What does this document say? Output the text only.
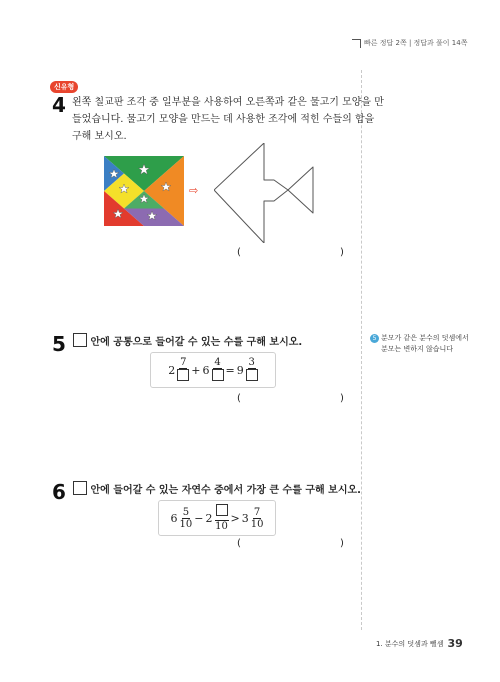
빠른 정답 2쪽 | 정답과 풀이 14쪽
신유형
4 왼쪽 칠교판 조각 중 일부분을 사용하여 오른쪽과 같은 물고기 모양을 만
들었습니다. 물고기 모양을 만드는 데 사용한 조각에 적힌 수들의 합을
구해 보시오.
⇨
(	)
5	안에 공통으로 들어갈 수 있는 수를 구해 보시오.
2
7
+ 6
4
= 9
3
(	)
5 분모가 같은 분수의 덧셈에서
분모는 변하지 않습니다
6	안에 들어갈 수 있는 자연수 중에서 가장 큰 수를 구해 보시오.
$6 \frac{5}{10} - 2$
10
> $3 \frac{7}{10}$
(	)
1. 분수의 덧셈과 뺄셈 39
